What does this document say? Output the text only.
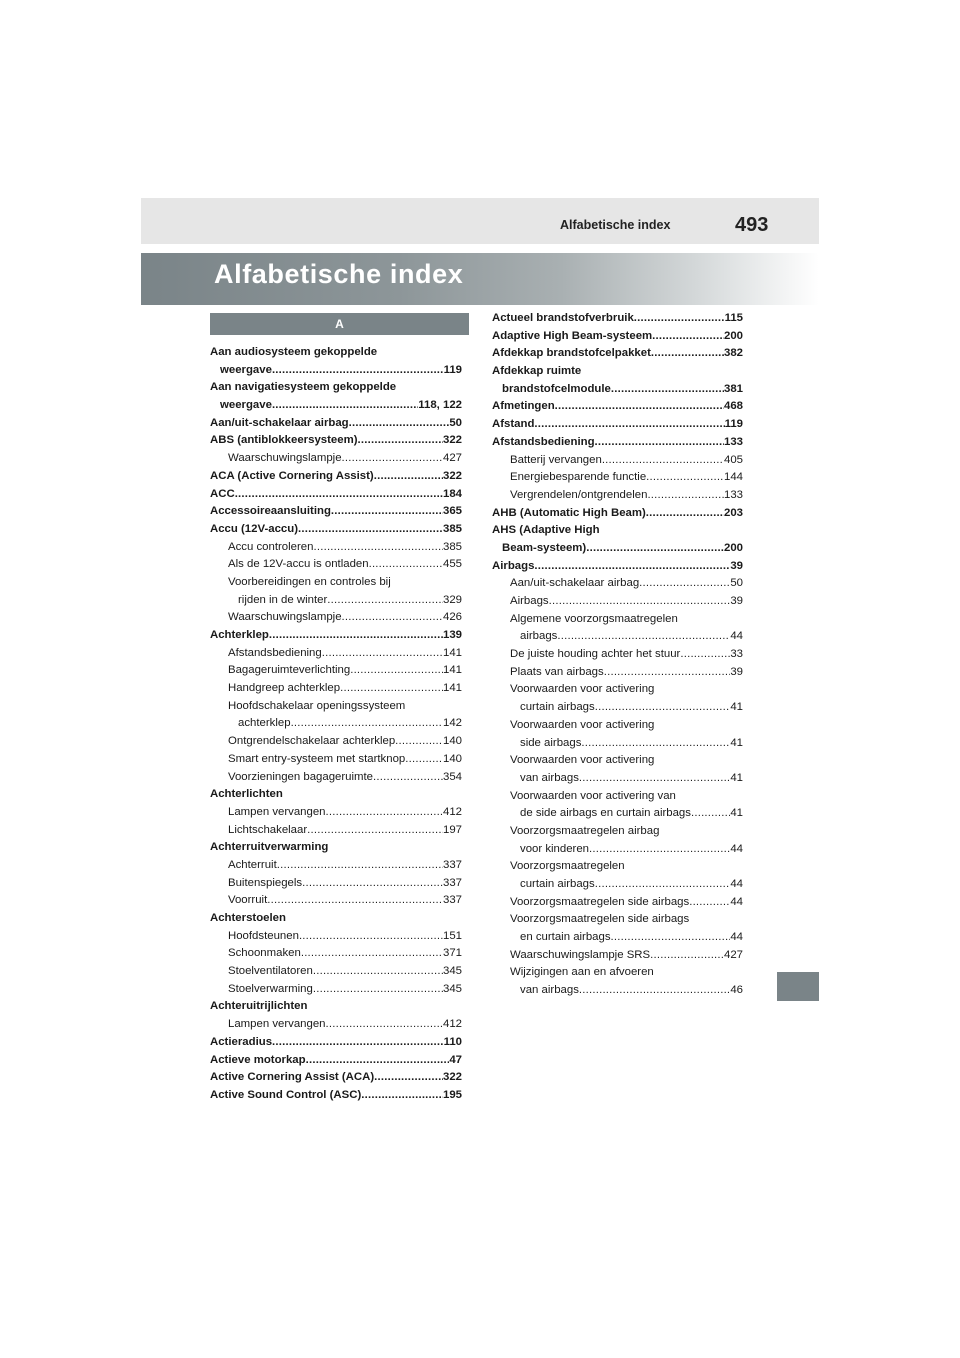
Alfabetische index	493
Alfabetische index
A
Aan audiosysteem gekoppelde
weergave .....	119
Aan navigatiesysteem gekoppelde
weergave .....	118, 122
Aan/uit-schakelaar airbag .....	50
ABS (antiblokkeersysteem) .....	322
Waarschuwingslampje .....	427
ACA (Active Cornering Assist) .....	322
ACC .....	184
Accessoireaansluiting .....	365
Accu (12V-accu) .....	385
Accu controleren .....	385
Als de 12V-accu is ontladen .....	455
Voorbereidingen en controles bij
rijden in de winter .....	329
Waarschuwingslampje .....	426
Achterklep .....	139
Afstandsbediening .....	141
Bagageruimteverlichting .....	141
Handgreep achterklep .....	141
Hoofdschakelaar openingssysteem
achterklep .....	142
Ontgrendelschakelaar achterklep .....	140
Smart entry-systeem met startknop .....	140
Voorzieningen bagageruimte .....	354
Achterlichten
Lampen vervangen .....	412
Lichtschakelaar .....	197
Achterruitverwarming
Achterruit .....	337
Buitenspiegels .....	337
Voorruit .....	337
Achterstoelen
Hoofdsteunen .....	151
Schoonmaken .....	371
Stoelventilatoren .....	345
Stoelverwarming .....	345
Achteruitrijlichten
Lampen vervangen .....	412
Actieradius .....	110
Actieve motorkap .....	47
Active Cornering Assist (ACA) .....	322
Active Sound Control (ASC) .....	195
Actueel brandstofverbruik .....	115
Adaptive High Beam-systeem .....	200
Afdekkap brandstofcelpakket .....	382
Afdekkap ruimte
brandstofcelmodule .....	381
Afmetingen .....	468
Afstand .....	119
Afstandsbediening .....	133
Batterij vervangen .....	405
Energiebesparende functie .....	144
Vergrendelen/ontgrendelen .....	133
AHB (Automatic High Beam) .....	203
AHS (Adaptive High
Beam-systeem) .....	200
Airbags .....	39
Aan/uit-schakelaar airbag .....	50
Airbags .....	39
Algemene voorzorgsmaatregelen
airbags .....	44
De juiste houding achter het stuur .....	33
Plaats van airbags .....	39
Voorwaarden voor activering
curtain airbags .....	41
Voorwaarden voor activering
side airbags .....	41
Voorwaarden voor activering
van airbags .....	41
Voorwaarden voor activering van
de side airbags en curtain airbags .....	41
Voorzorgsmaatregelen airbag
voor kinderen .....	44
Voorzorgsmaatregelen
curtain airbags .....	44
Voorzorgsmaatregelen side airbags .....	44
Voorzorgsmaatregelen side airbags
en curtain airbags .....	44
Waarschuwingslampje SRS .....	427
Wijzigingen aan en afvoeren
van airbags .....	46
